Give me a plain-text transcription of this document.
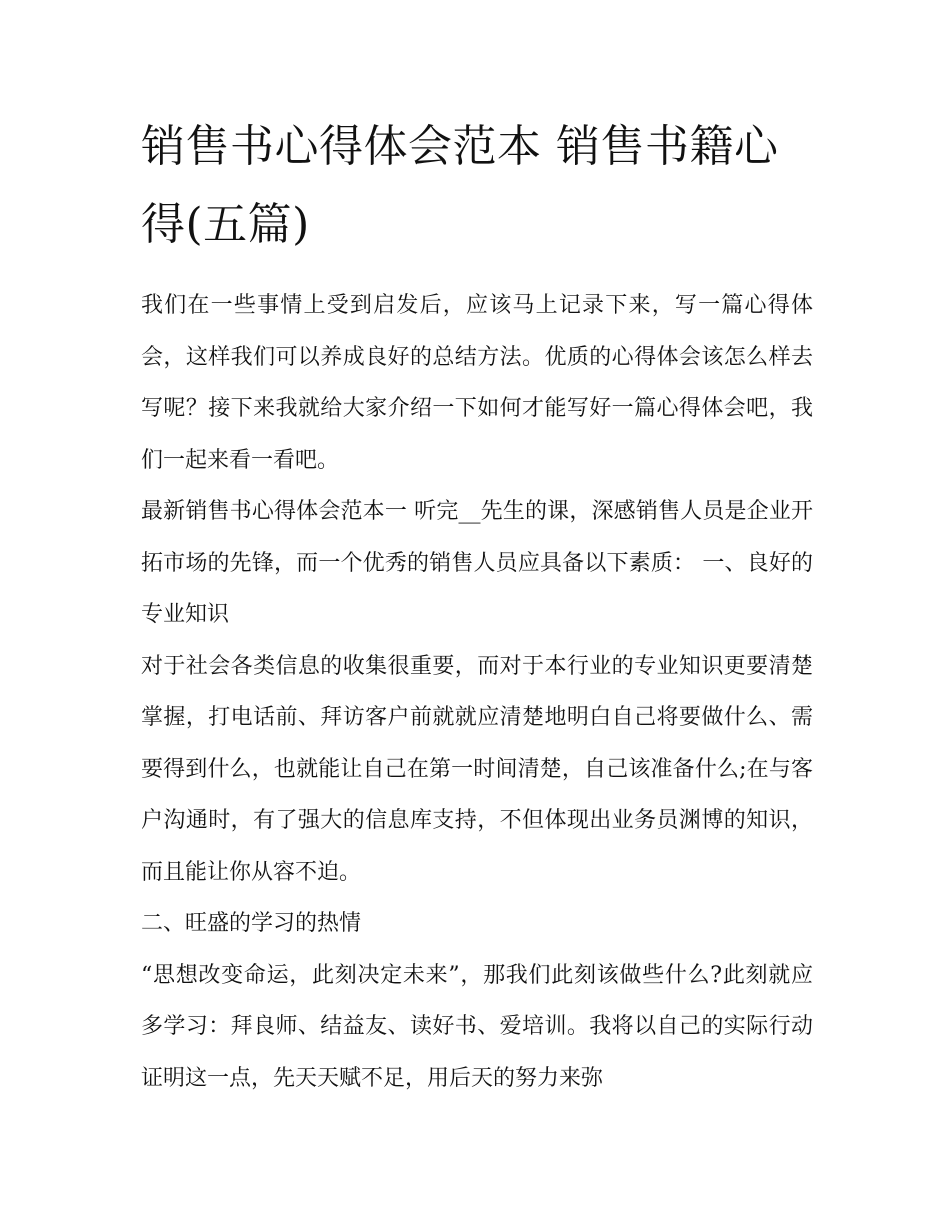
销售书心得体会范本 销售书籍心得(五篇)

我们在一些事情上受到启发后，应该马上记录下来，写一篇心得体会，这样我们可以养成良好的总结方法。优质的心得体会该怎么样去写呢？接下来我就给大家介绍一下如何才能写好一篇心得体会吧，我们一起来看一看吧。

最新销售书心得体会范本一 听完__先生的课，深感销售人员是企业开拓市场的先锋，而一个优秀的销售人员应具备以下素质： 一、良好的专业知识

对于社会各类信息的收集很重要，而对于本行业的专业知识更要清楚掌握，打电话前、拜访客户前就就应清楚地明白自己将要做什么、需要得到什么，也就能让自己在第一时间清楚，自己该准备什么;在与客户沟通时，有了强大的信息库支持，不但体现出业务员渊博的知识，而且能让你从容不迫。

二、旺盛的学习的热情

“思想改变命运，此刻决定未来”，那我们此刻该做些什么?此刻就应多学习：拜良师、结益友、读好书、爱培训。我将以自己的实际行动证明这一点，先天天赋不足，用后天的努力来弥
